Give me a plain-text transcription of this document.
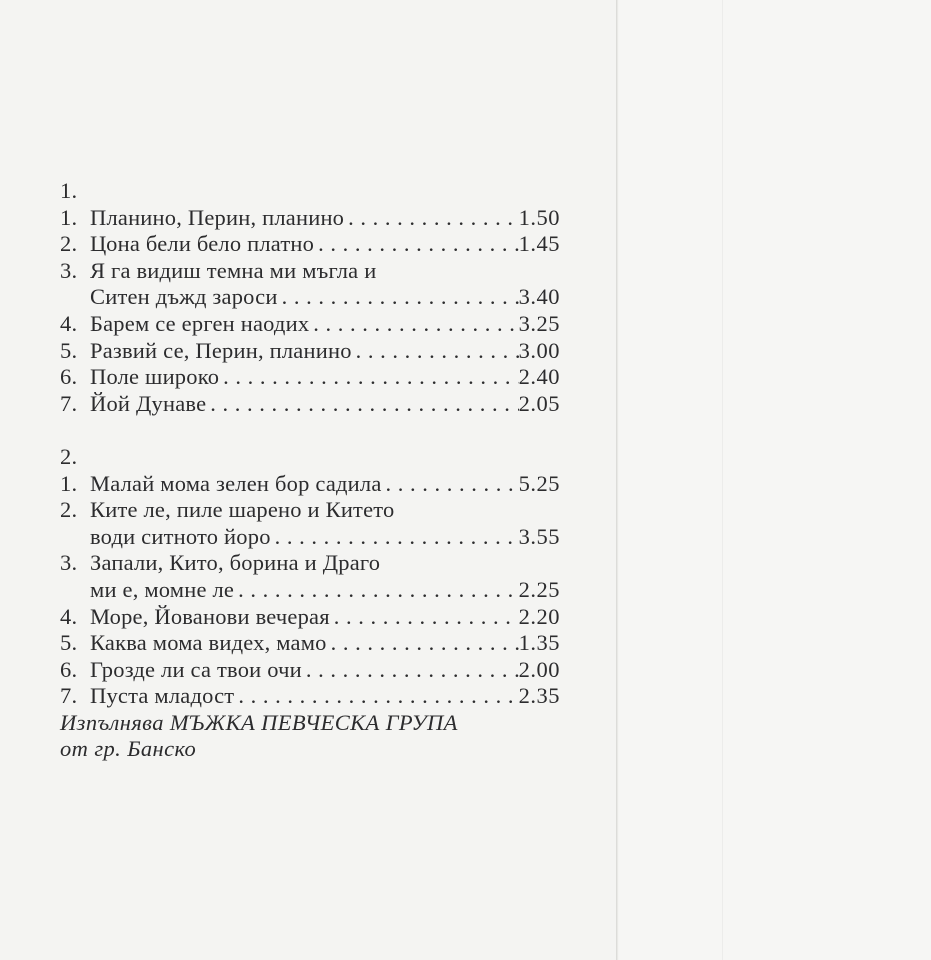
1.
1. Планино, Перин, планино . . .	1.50
2. Цона бели бело платно . . .	1.45
3. Я га видиш темна ми мъгла и
Ситен дъжд зароси . . .	3.40
4. Барем се ерген наодих . . .	3.25
5. Развий се, Перин, планино . . .	3.00
6. Поле широко . . .	2.40
7. Йой Дунаве . . .	2.05
2.
1. Малай мома зелен бор садила . . .	5.25
2. Ките ле, пиле шарено и Китето
води ситното йоро . . .	3.55
3. Запали, Кито, борина и Драго
ми е, момне ле . . .	2.25
4. Море, Йованови вечерая . . .	2.20
5. Каква мома видех, мамо . . .	1.35
6. Грозде ли са твои очи . . .	2.00
7. Пуста младост . . .	2.35
Изпълнява МЪЖКА ПЕВЧЕСКА ГРУПА
от гр. Банско
